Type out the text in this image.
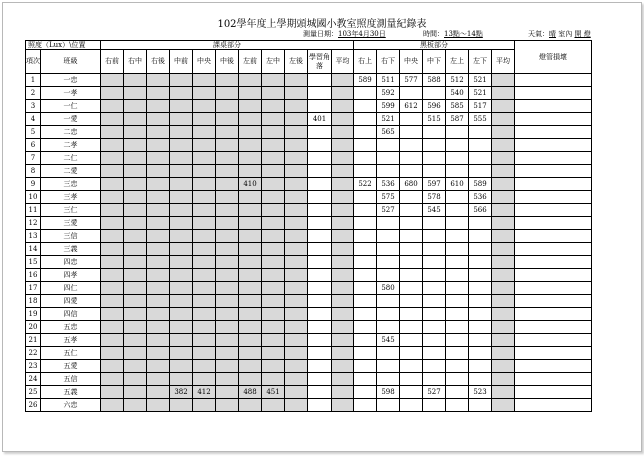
102學年度上學期頭城國小教室照度測量紀錄表
測量日期：103年4月30日	時間：13點～14點	天氣：晴 室內 開 燈
照度（Lux）\位置		課桌部分											黑板部分							燈管損壞

項次	班級	右前	右中	右後	中前	中央	中後	左前	左中	左後	學習角落	平均	右上	右下	中央	中下	左上	左下	平均	

1	一忠												589	511	577	588	512	521		
2	一孝													592			540	521		
3	一仁													599	612	596	585	517		
4	一愛										401			521		515	587	555		
5	二忠													565						
6	二孝																			
7	二仁																			
8	二愛																			
9	三忠							410					522	536	680	597	610	589		
10	三孝													575		578		536		
11	三仁													527		545		566		
12	三愛																			
13	三信																			
14	三義																			
15	四忠																			
16	四孝																			
17	四仁													580						
18	四愛																			
19	四信																			
20	五忠																			
21	五孝													545						
22	五仁																			
23	五愛																			
24	五信																			
25	五義				382	412		488	451					598		527		523		
26	六忠																			
